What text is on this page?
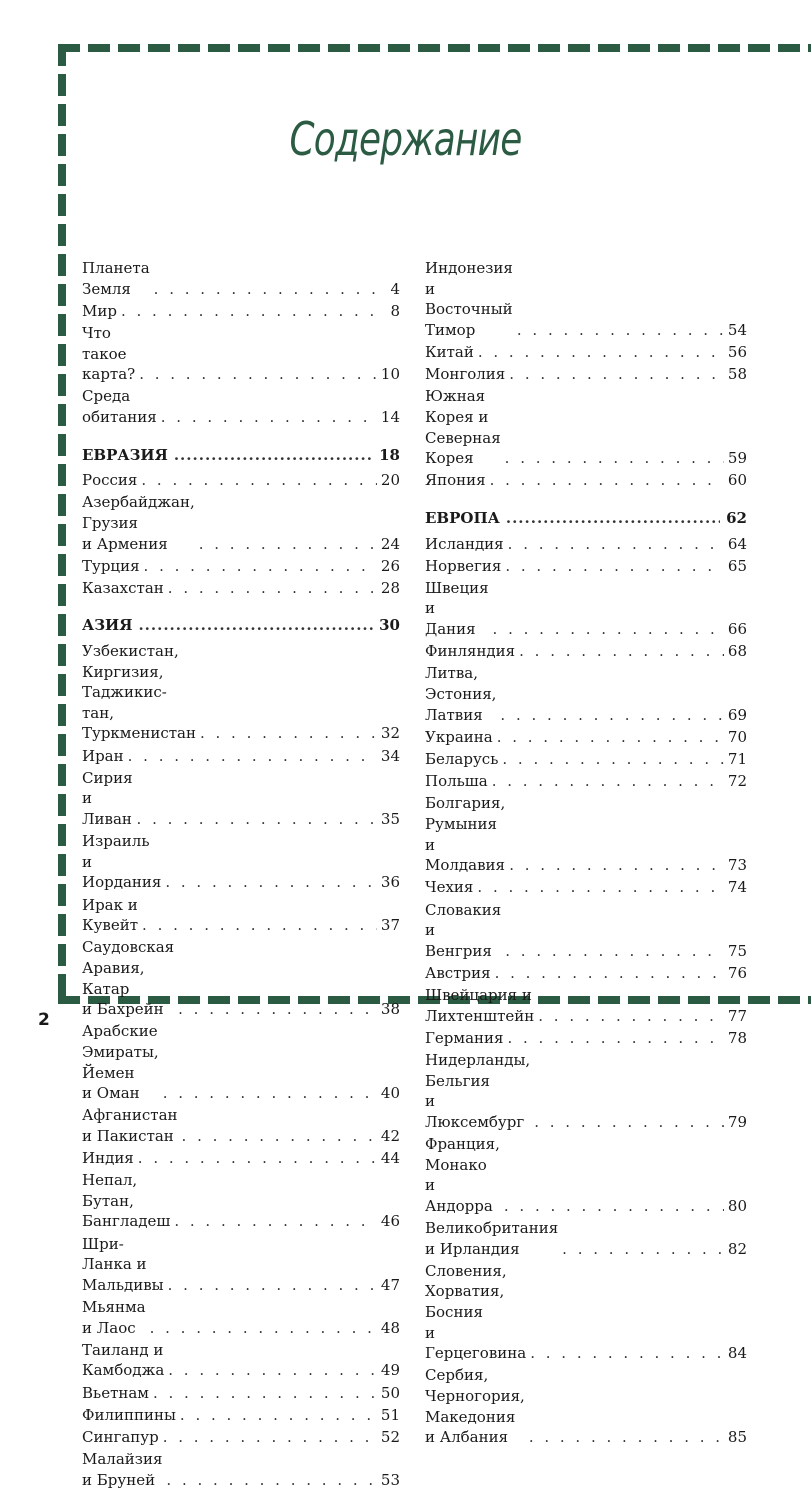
Содержание
Планета Земля . . .	4
Мир . . .	8
Что такое карта? . . .	10
Среда обитания . . .	14
ЕВРАЗИЯ .....	18
Россия . . .	20
Азербайджан, Грузия
и Армения . . .	24
Турция . . .	26
Казахстан . . .	28
АЗИЯ .....	30
Узбекистан, Киргизия, Таджикис-
тан, Туркменистан . . .	32
Иран . . .	34
Сирия и Ливан . . .	35
Израиль и Иордания . . .	36
Ирак и Кувейт . . .	37
Саудовская Аравия, Катар
и Бахрейн . . .	38
Арабские Эмираты, Йемен
и Оман . . .	40
Афганистан и Пакистан . . .	42
Индия . . .	44
Непал, Бутан, Бангладеш . . .	46
Шри-Ланка и Мальдивы . . .	47
Мьянма и Лаос . . .	48
Таиланд и Камбоджа . . .	49
Вьетнам . . .	50
Филиппины . . .	51
Сингапур . . .	52
Малайзия и Бруней . . .	53
Индонезия и Восточный
Тимор . . .	54
Китай . . .	56
Монголия . . .	58
Южная Корея и Северная
Корея . . .	59
Япония . . .	60
ЕВРОПА .....	62
Исландия . . .	64
Норвегия . . .	65
Швеция и Дания . . .	66
Финляндия . . .	68
Литва, Эстония, Латвия . . .	69
Украина . . .	70
Беларусь . . .	71
Польша . . .	72
Болгария, Румыния
и Молдавия . . .	73
Чехия . . .	74
Словакия и Венгрия . . .	75
Австрия . . .	76
Швейцария и Лихтенштейн . . .	77
Германия . . .	78
Нидерланды, Бельгия
и Люксембург . . .	79
Франция, Монако
и Андорра . . .	80
Великобритания
и Ирландия . . .	82
Словения, Хорватия, Босния
и Герцеговина . . .	84
Сербия, Черногория, Македония
и Албания . . .	85
2
